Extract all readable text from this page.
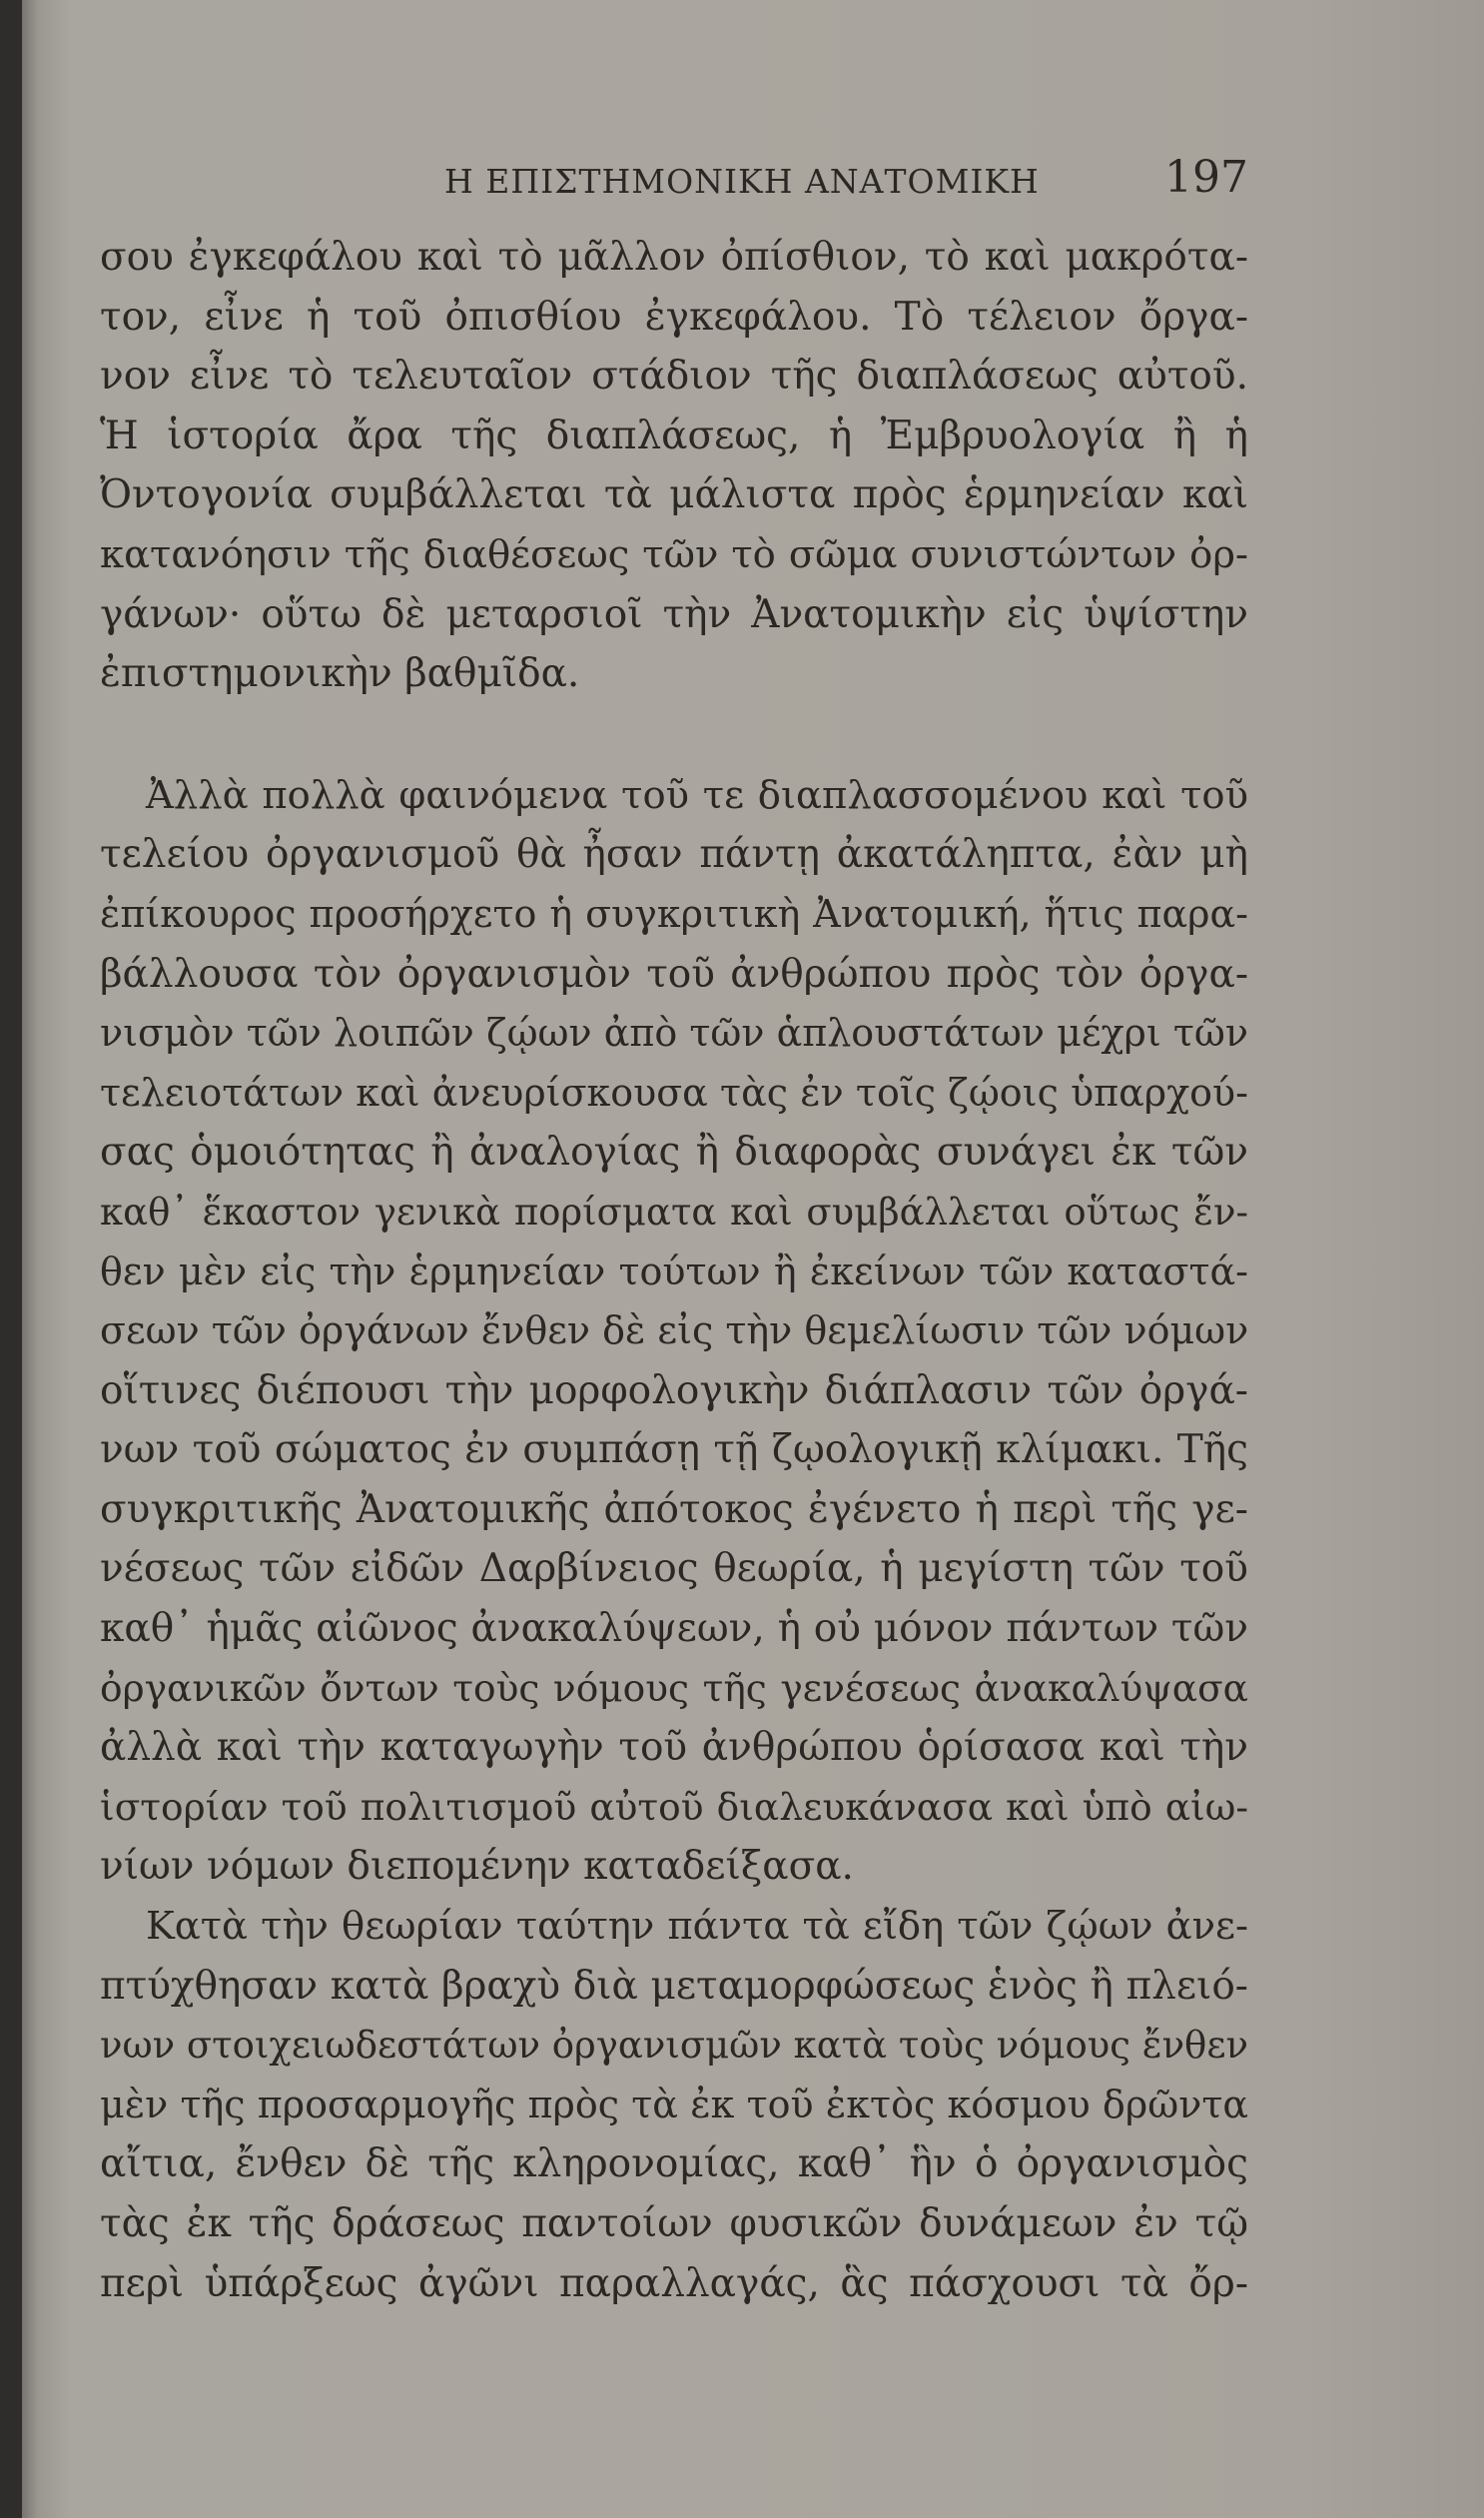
Η ΕΠΙΣΤΗΜΟΝΙΚΗ ΑΝΑΤΟΜΙΚΗ	197
σου ἐγκεφάλου καὶ τὸ μᾶλλον ὀπίσθιον, τὸ καὶ μακρότα-
τον, εἶνε ἡ τοῦ ὀπισθίου ἐγκεφάλου. Τὸ τέλειον ὄργα-
νον εἶνε τὸ τελευταῖον στάδιον τῆς διαπλάσεως αὐτοῦ.
Ἡ ἱστορία ἄρα τῆς διαπλάσεως, ἡ Ἐμβρυολογία ἢ ἡ
Ὀντογονία συμβάλλεται τὰ μάλιστα πρὸς ἑρμηνείαν καὶ
κατανόησιν τῆς διαθέσεως τῶν τὸ σῶμα συνιστώντων ὀρ-
γάνων· οὕτω δὲ μεταρσιοῖ τὴν Ἀνατομικὴν εἰς ὑψίστην
ἐπιστημονικὴν βαθμῖδα.
Ἀλλὰ πολλὰ φαινόμενα τοῦ τε διαπλασσομένου καὶ τοῦ
τελείου ὀργανισμοῦ θὰ ἦσαν πάντῃ ἀκατάληπτα, ἐὰν μὴ
ἐπίκουρος προσήρχετο ἡ συγκριτικὴ Ἀνατομική, ἥτις παρα-
βάλλουσα τὸν ὀργανισμὸν τοῦ ἀνθρώπου πρὸς τὸν ὀργα-
νισμὸν τῶν λοιπῶν ζῴων ἀπὸ τῶν ἁπλουστάτων μέχρι τῶν
τελειοτάτων καὶ ἀνευρίσκουσα τὰς ἐν τοῖς ζῴοις ὑπαρχού-
σας ὁμοιότητας ἢ ἀναλογίας ἢ διαφορὰς συνάγει ἐκ τῶν
καθ᾽ ἕκαστον γενικὰ πορίσματα καὶ συμβάλλεται οὕτως ἔν-
θεν μὲν εἰς τὴν ἑρμηνείαν τούτων ἢ ἐκείνων τῶν καταστά-
σεων τῶν ὀργάνων ἔνθεν δὲ εἰς τὴν θεμελίωσιν τῶν νόμων
οἵτινες διέπουσι τὴν μορφολογικὴν διάπλασιν τῶν ὀργά-
νων τοῦ σώματος ἐν συμπάσῃ τῇ ζῳολογικῇ κλίμακι. Τῆς
συγκριτικῆς Ἀνατομικῆς ἀπότοκος ἐγένετο ἡ περὶ τῆς γε-
νέσεως τῶν εἰδῶν Δαρβίνειος θεωρία, ἡ μεγίστη τῶν τοῦ
καθ᾽ ἡμᾶς αἰῶνος ἀνακαλύψεων, ἡ οὐ μόνον πάντων τῶν
ὀργανικῶν ὄντων τοὺς νόμους τῆς γενέσεως ἀνακαλύψασα
ἀλλὰ καὶ τὴν καταγωγὴν τοῦ ἀνθρώπου ὁρίσασα καὶ τὴν
ἱστορίαν τοῦ πολιτισμοῦ αὐτοῦ διαλευκάνασα καὶ ὑπὸ αἰω-
νίων νόμων διεπομένην καταδείξασα.
Κατὰ τὴν θεωρίαν ταύτην πάντα τὰ εἴδη τῶν ζῴων ἀνε-
πτύχθησαν κατὰ βραχὺ διὰ μεταμορφώσεως ἑνὸς ἢ πλειό-
νων στοιχειωδεστάτων ὀργανισμῶν κατὰ τοὺς νόμους ἔνθεν
μὲν τῆς προσαρμογῆς πρὸς τὰ ἐκ τοῦ ἐκτὸς κόσμου δρῶντα
αἴτια, ἔνθεν δὲ τῆς κληρονομίας, καθ᾽ ἣν ὁ ὀργανισμὸς
τὰς ἐκ τῆς δράσεως παντοίων φυσικῶν δυνάμεων ἐν τῷ
περὶ ὑπάρξεως ἀγῶνι παραλλαγάς, ἃς πάσχουσι τὰ ὄρ-
